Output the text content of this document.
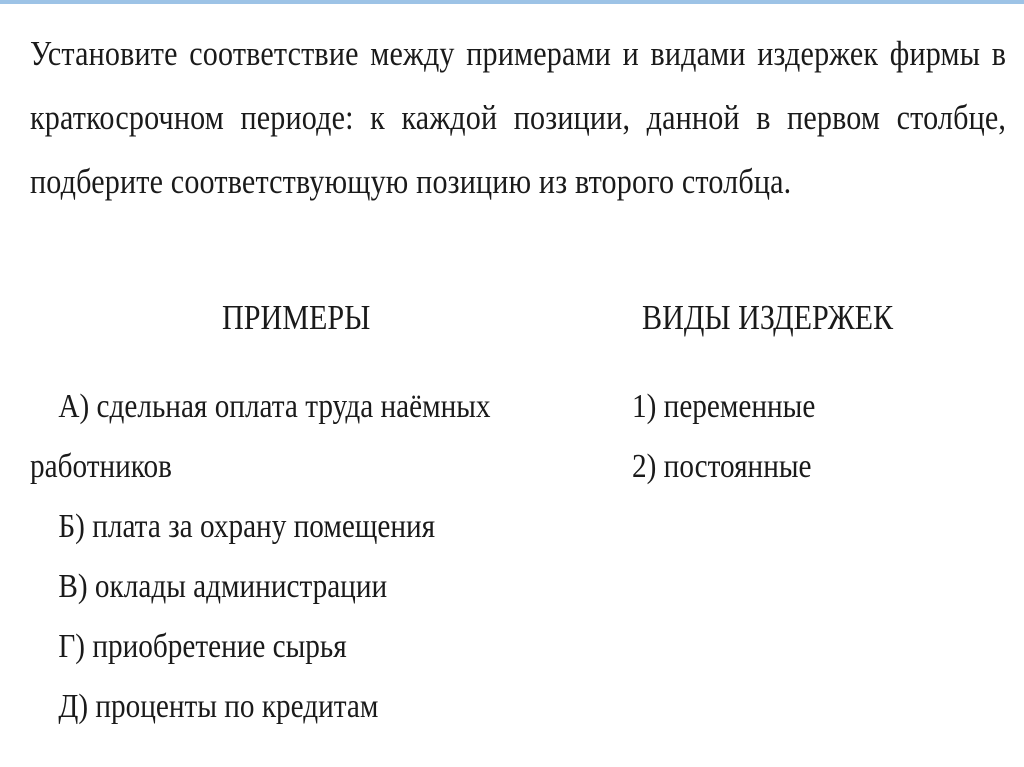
Установите соответствие между примерами и видами издержек фирмы в краткосрочном периоде: к каждой позиции, данной в первом столбце, подберите соответствующую позицию из второго столбца.

ПРИМЕРЫ	ВИДЫ ИЗДЕРЖЕК
А) сдельная оплата труда наёмных
работников
Б) плата за охрану помещения
В) оклады администрации
Г) приобретение сырья
Д) проценты по кредитам
1) переменные
2) постоянные
